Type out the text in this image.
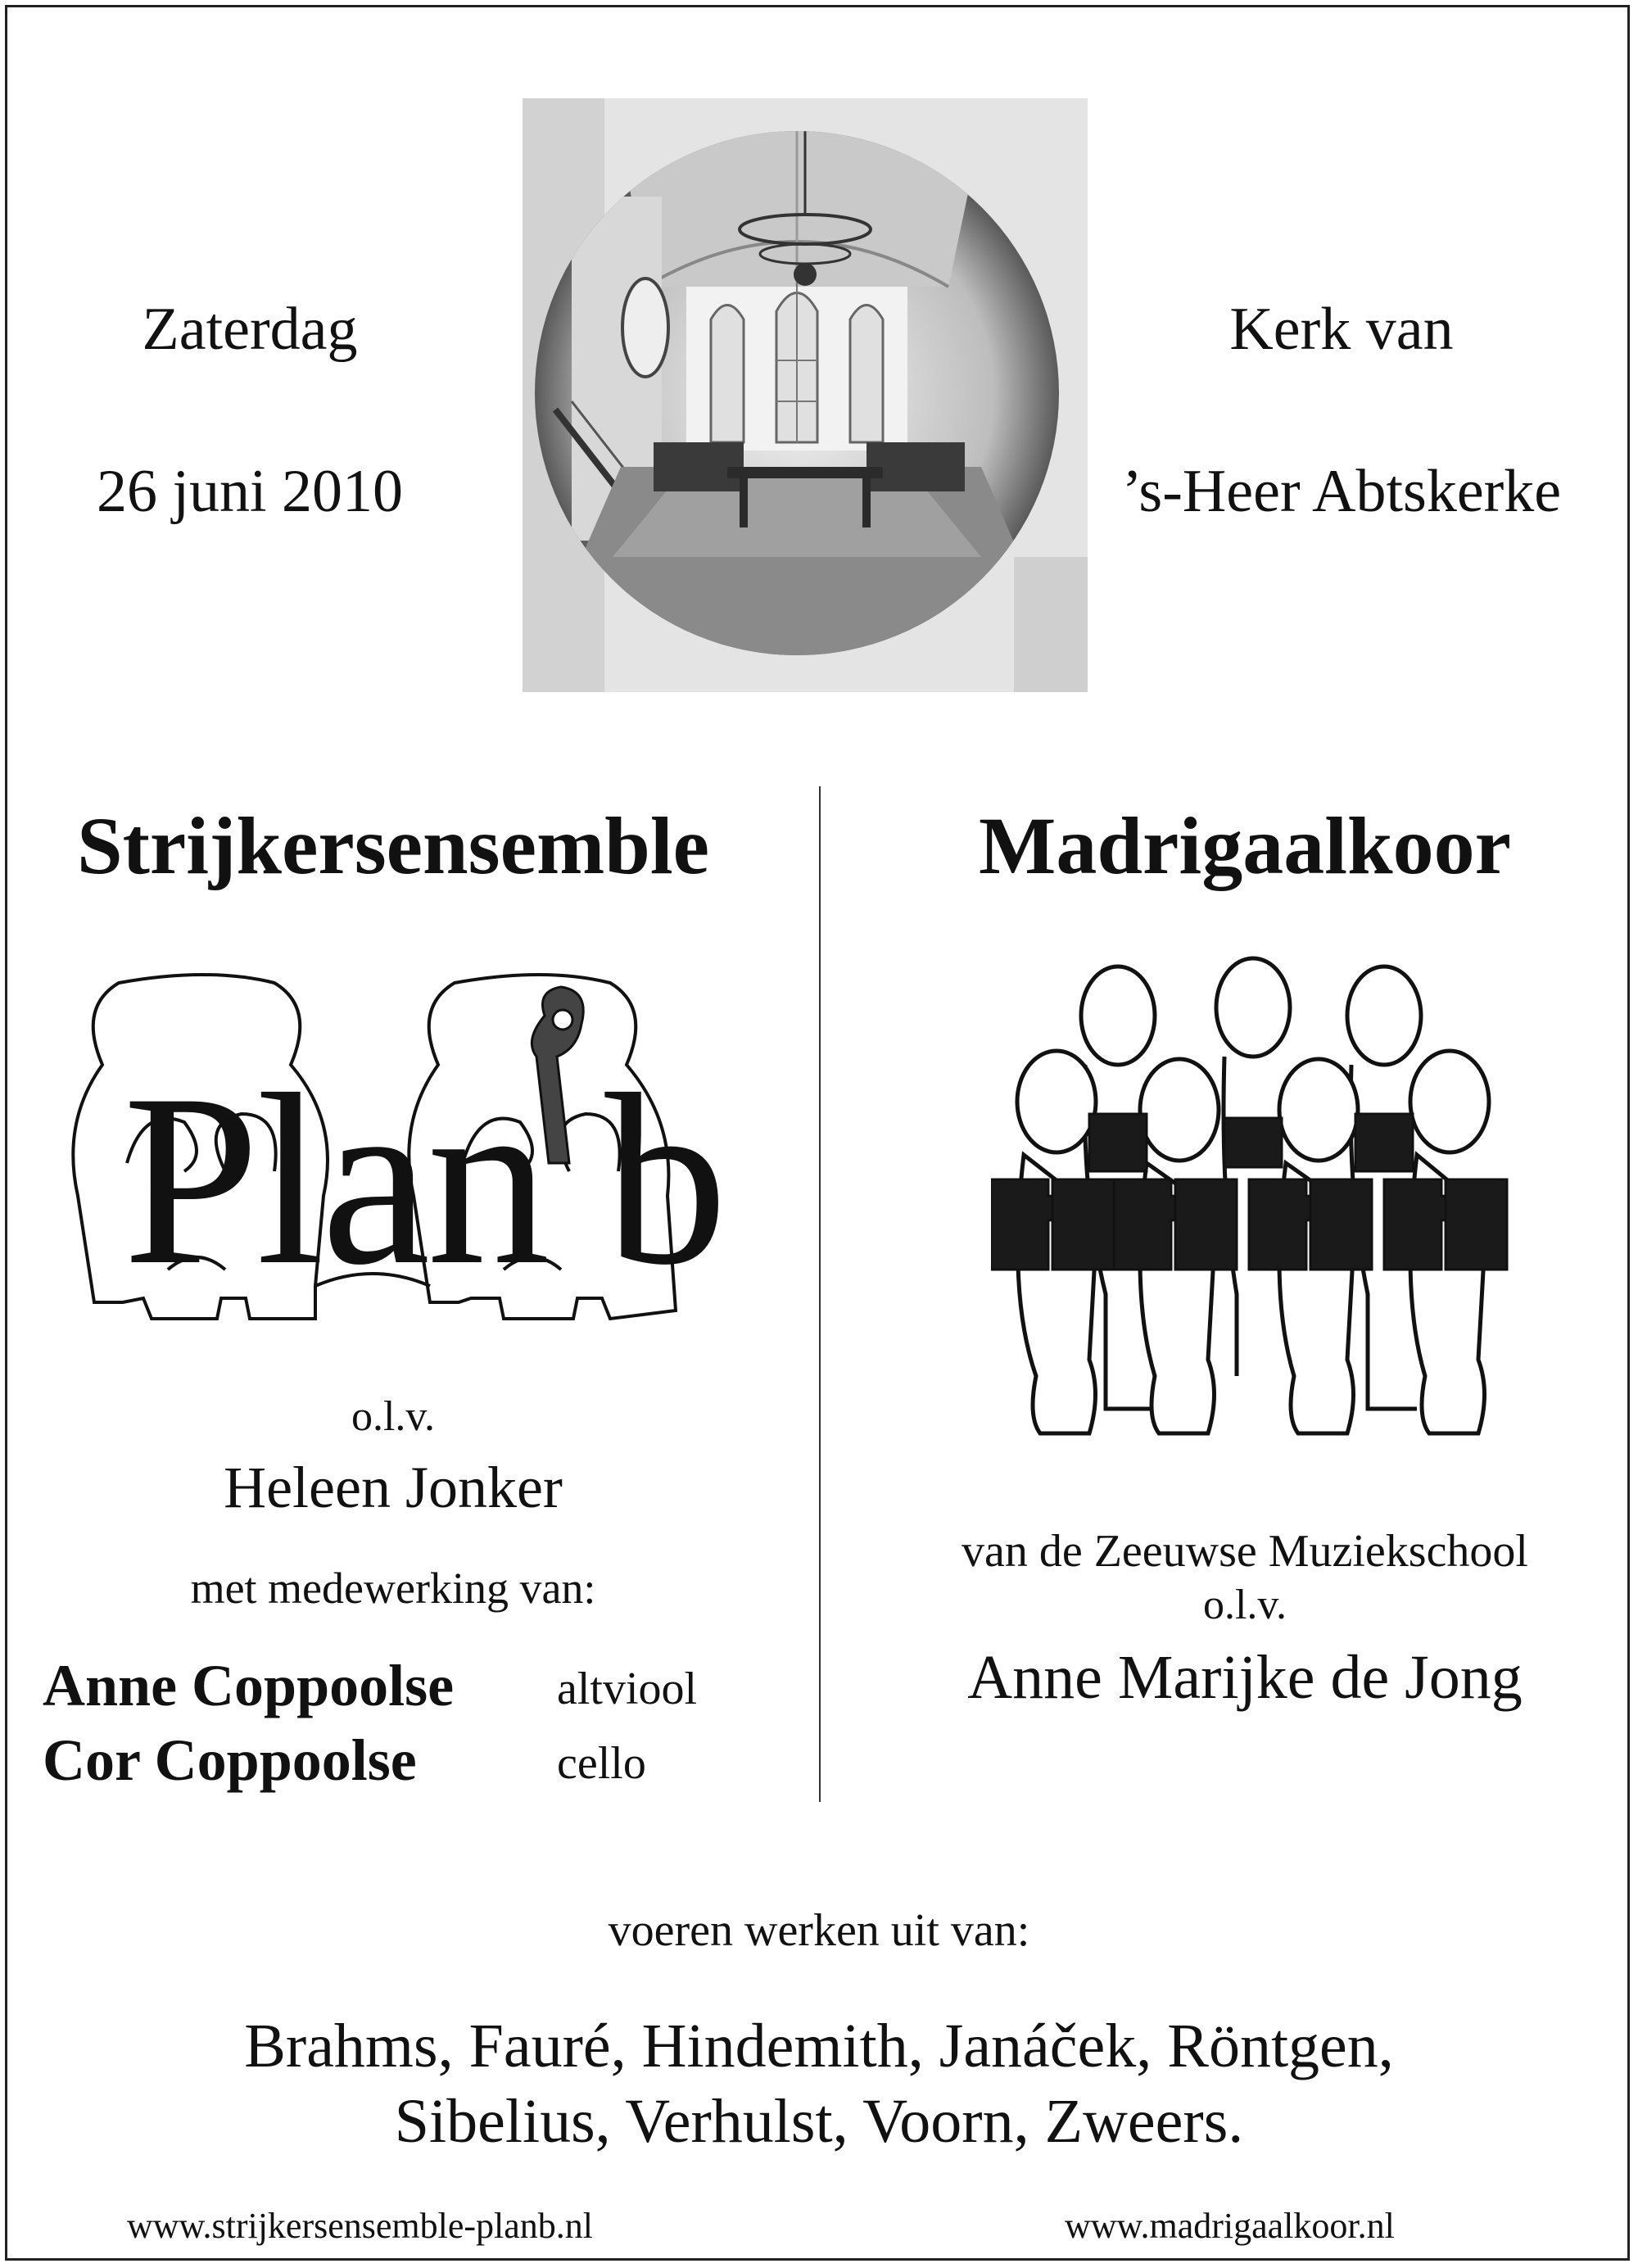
Zaterdag
26 juni 2010
Kerk van
’s-Heer Abtskerke
Strijkersensemble	Madrigaalkoor
Plan b
o.l.v.
Heleen Jonker
met medewerking van:
Anne Coppoolse altviool
Cor Coppoolse	cello
van de Zeeuwse Muziekschool
o.l.v.
Anne Marijke de Jong
voeren werken uit van:
Brahms, Fauré, Hindemith, Janáček, Röntgen,
Sibelius, Verhulst, Voorn, Zweers.
www.strijkersensemble-planb.nl	www.madrigaalkoor.nl
